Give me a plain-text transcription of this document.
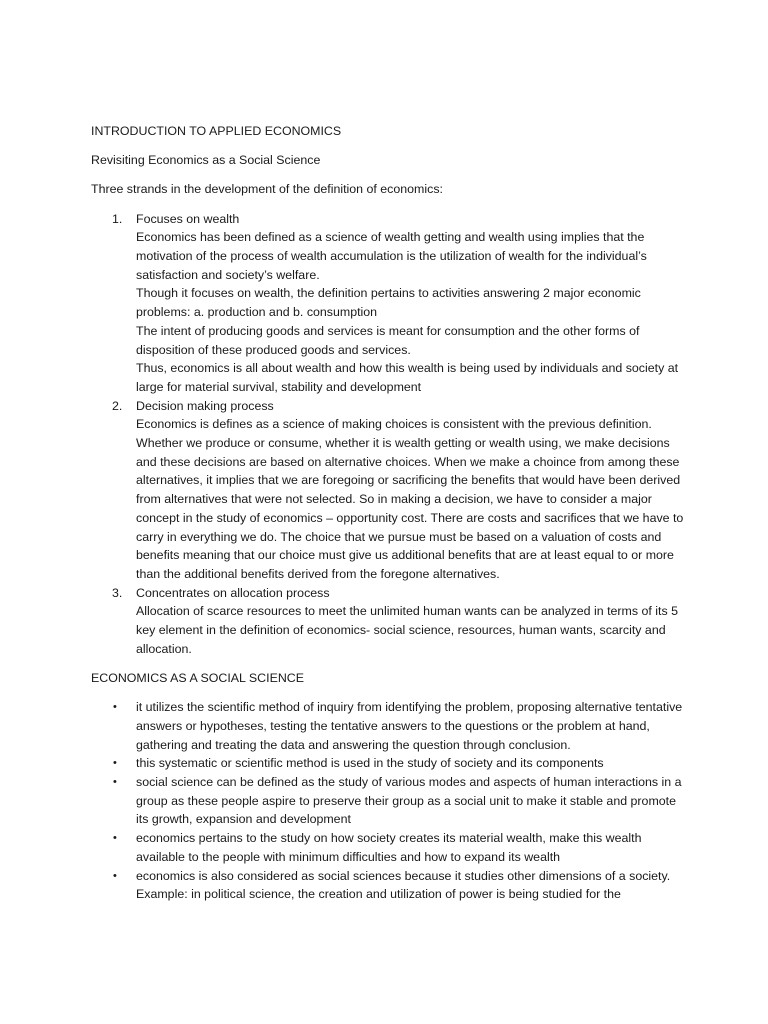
INTRODUCTION TO APPLIED ECONOMICS

Revisiting Economics as a Social Science

Three strands in the development of the definition of economics:

1. Focuses on wealth
Economics has been defined as a science of wealth getting and wealth using implies that the motivation of the process of wealth accumulation is the utilization of wealth for the individual’s satisfaction and society’s welfare.
Though it focuses on wealth, the definition pertains to activities answering 2 major economic problems: a. production and b. consumption
The intent of producing goods and services is meant for consumption and the other forms of disposition of these produced goods and services.
Thus, economics is all about wealth and how this wealth is being used by individuals and society at large for material survival, stability and development
2. Decision making process
Economics is defines as a science of making choices is consistent with the previous definition. Whether we produce or consume, whether it is wealth getting or wealth using, we make decisions and these decisions are based on alternative choices. When we make a choince from among these alternatives, it implies that we are foregoing or sacrificing the benefits that would have been derived from alternatives that were not selected. So in making a decision, we have to consider a major concept in the study of economics – opportunity cost. There are costs and sacrifices that we have to carry in everything we do. The choice that we pursue must be based on a valuation of costs and benefits meaning that our choice must give us additional benefits that are at least equal to or more than the additional benefits derived from the foregone alternatives.
3. Concentrates on allocation process
Allocation of scarce resources to meet the unlimited human wants can be analyzed in terms of its 5 key element in the definition of economics- social science, resources, human wants, scarcity and allocation.

ECONOMICS AS A SOCIAL SCIENCE

• it utilizes the scientific method of inquiry from identifying the problem, proposing alternative tentative answers or hypotheses, testing the tentative answers to the questions or the problem at hand, gathering and treating the data and answering the question through conclusion.
• this systematic or scientific method is used in the study of society and its components
• social science can be defined as the study of various modes and aspects of human interactions in a group as these people aspire to preserve their group as a social unit to make it stable and promote its growth, expansion and development
• economics pertains to the study on how society creates its material wealth, make this wealth available to the people with minimum difficulties and how to expand its wealth
• economics is also considered as social sciences because it studies other dimensions of a society. Example: in political science, the creation and utilization of power is being studied for the
